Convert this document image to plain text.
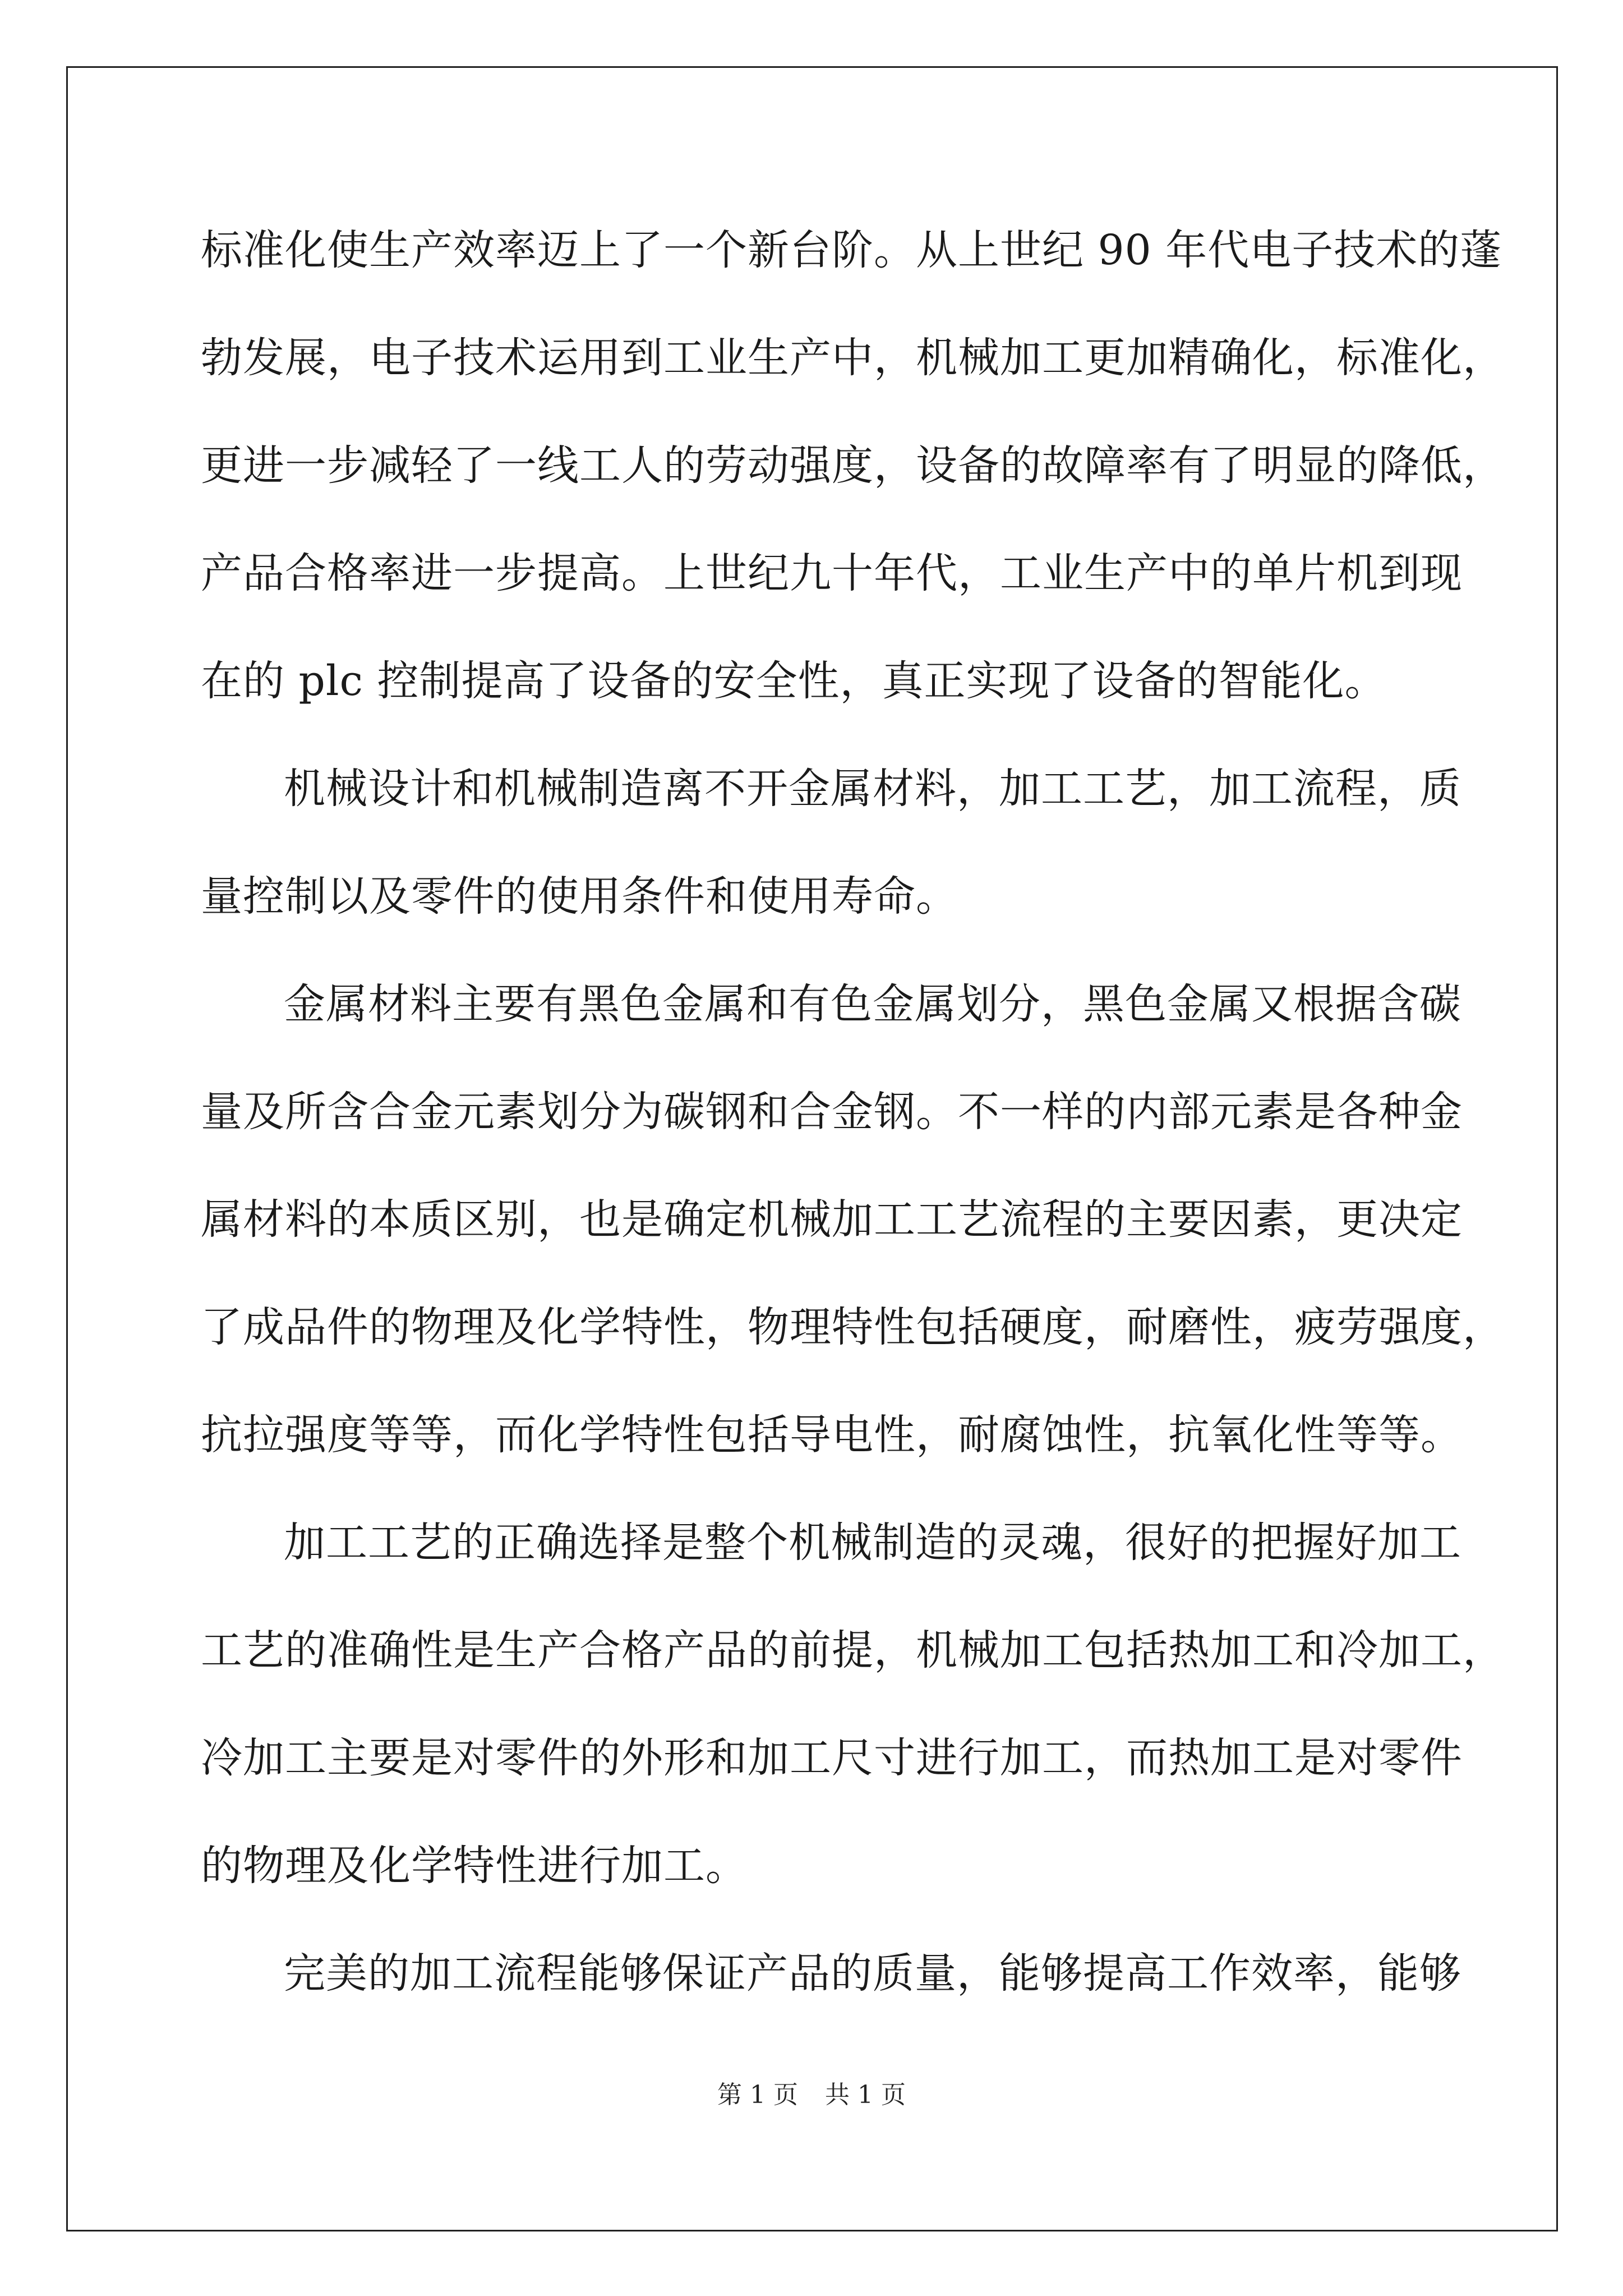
标准化使生产效率迈上了一个新台阶。从上世纪 90 年代电子技术的蓬
勃发展，电子技术运用到工业生产中，机械加工更加精确化，标准化，
更进一步减轻了一线工人的劳动强度，设备的故障率有了明显的降低，
产品合格率进一步提高。上世纪九十年代，工业生产中的单片机到现
在的 plc 控制提高了设备的安全性，真正实现了设备的智能化。
机械设计和机械制造离不开金属材料，加工工艺，加工流程，质
量控制以及零件的使用条件和使用寿命。
金属材料主要有黑色金属和有色金属划分，黑色金属又根据含碳
量及所含合金元素划分为碳钢和合金钢。不一样的内部元素是各种金
属材料的本质区别，也是确定机械加工工艺流程的主要因素，更决定
了成品件的物理及化学特性，物理特性包括硬度，耐磨性，疲劳强度，
抗拉强度等等，而化学特性包括导电性，耐腐蚀性，抗氧化性等等。
加工工艺的正确选择是整个机械制造的灵魂，很好的把握好加工
工艺的准确性是生产合格产品的前提，机械加工包括热加工和冷加工，
冷加工主要是对零件的外形和加工尺寸进行加工，而热加工是对零件
的物理及化学特性进行加工。
完美的加工流程能够保证产品的质量，能够提高工作效率，能够
第 1 页 共 1 页
